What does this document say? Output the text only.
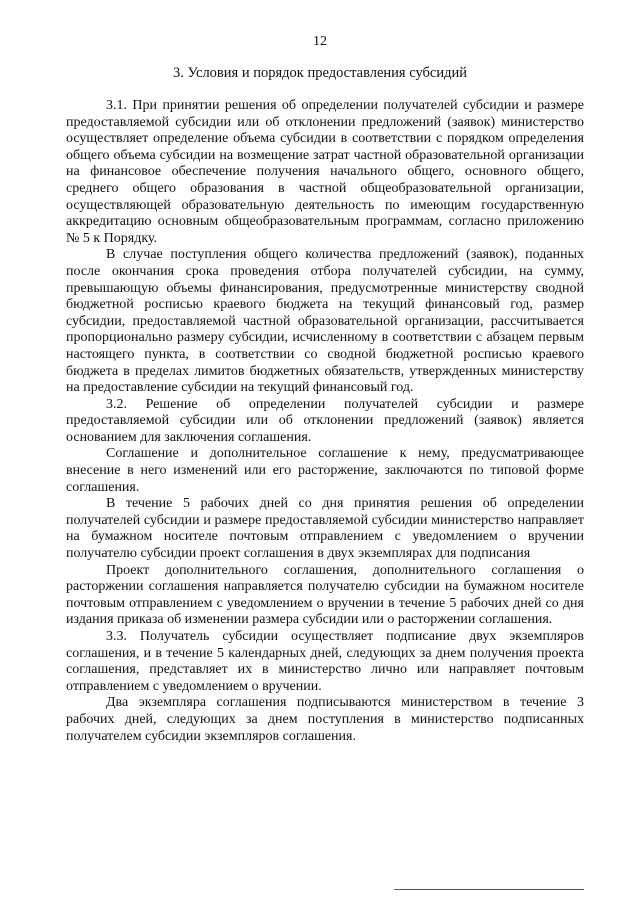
12
3. Условия и порядок предоставления субсидий

3.1. При принятии решения об определении получателей субсидии и размере предоставляемой субсидии или об отклонении предложений (заявок) министерство осуществляет определение объема субсидии в соответствии с порядком определения общего объема субсидии на возмещение затрат частной образовательной организации на финансовое обеспечение получения начального общего, основного общего, среднего общего образования в частной общеобразовательной организации, осуществляющей образовательную деятельность по имеющим государственную аккредитацию основным общеобразовательным программам, согласно приложению № 5 к Порядку.

В случае поступления общего количества предложений (заявок), поданных после окончания срока проведения отбора получателей субсидии, на сумму, превышающую объемы финансирования, предусмотренные министерству сводной бюджетной росписью краевого бюджета на текущий финансовый год, размер субсидии, предоставляемой частной образовательной организации, рассчитывается пропорционально размеру субсидии, исчисленному в соответствии с абзацем первым настоящего пункта, в соответствии со сводной бюджетной росписью краевого бюджета в пределах лимитов бюджетных обязательств, утвержденных министерству на предоставление субсидии на текущий финансовый год.

3.2. Решение об определении получателей субсидии и размере предоставляемой субсидии или об отклонении предложений (заявок) является основанием для заключения соглашения.

Соглашение и дополнительное соглашение к нему, предусматривающее внесение в него изменений или его расторжение, заключаются по типовой форме соглашения.

В течение 5 рабочих дней со дня принятия решения об определении получателей субсидии и размере предоставляемой субсидии министерство направляет на бумажном носителе почтовым отправлением с уведомлением о вручении получателю субсидии проект соглашения в двух экземплярах для подписания

Проект дополнительного соглашения, дополнительного соглашения о расторжении соглашения направляется получателю субсидии на бумажном носителе почтовым отправлением с уведомлением о вручении в течение 5 рабочих дней со дня издания приказа об изменении размера субсидии или о расторжении соглашения.

3.3. Получатель субсидии осуществляет подписание двух экземпляров соглашения, и в течение 5 календарных дней, следующих за днем получения проекта соглашения, представляет их в министерство лично или направляет почтовым отправлением с уведомлением о вручении.

Два экземпляра соглашения подписываются министерством в течение 3 рабочих дней, следующих за днем поступления в министерство подписанных получателем субсидии экземпляров соглашения.
